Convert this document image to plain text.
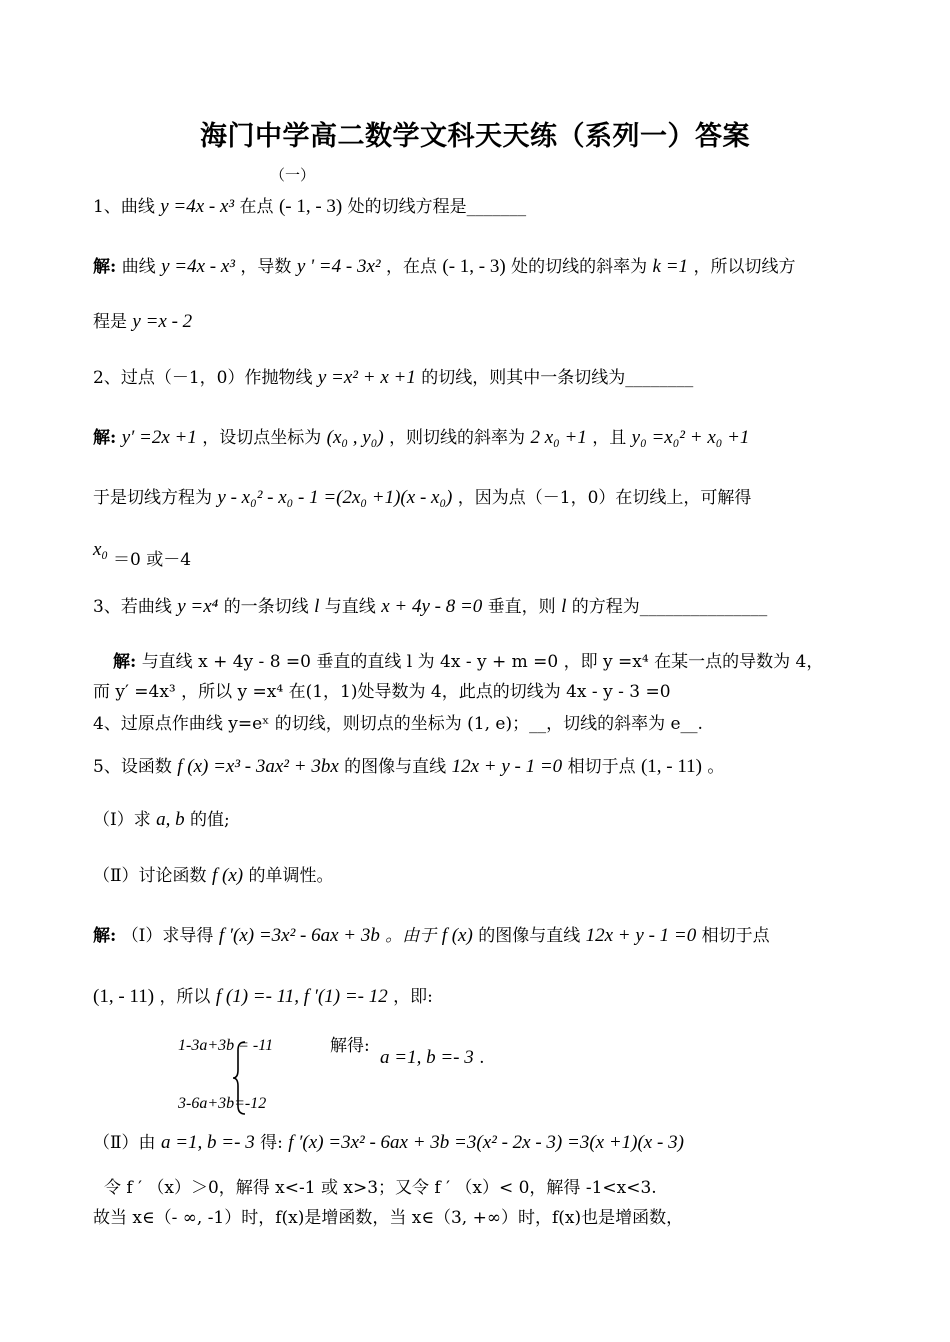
海门中学高二数学文科天天练（系列一）答案
（一）
1、曲线 y =4x - x³ 在点 (- 1, - 3) 处的切线方程是_______
解: 曲线 y =4x - x³ ，导数 y ' =4 - 3x² ，在点 (- 1, - 3) 处的切线的斜率为 k =1 ，所以切线方
程是 y =x - 2
2、过点（－1，0）作抛物线 y =x² + x +1 的切线，则其中一条切线为________
解: y′ =2x +1 ，设切点坐标为 (x₀ , y₀) ，则切线的斜率为 2 x₀ +1 ，且 y₀ =x₀² + x₀ +1
于是切线方程为 y - x₀² - x₀ - 1 =(2x₀ +1)(x - x₀) ，因为点（－1，0）在切线上，可解得
x₀ ＝0 或－4
3、若曲线 y =x⁴ 的一条切线 l 与直线 x + 4y - 8 =0 垂直，则 l 的方程为_______________
解: 与直线 x + 4y - 8 =0 垂直的直线 l 为 4x - y + m =0 ，即 y =x⁴ 在某一点的导数为 4，
而 y′ =4x³ ，所以 y =x⁴ 在(1，1)处导数为 4，此点的切线为 4x - y - 3 =0
4、过原点作曲线 y=eˣ 的切线，则切点的坐标为 (1, e)；__，切线的斜率为 e__.
5、设函数 f (x) =x³ - 3ax² + 3bx 的图像与直线 12x + y - 1 =0 相切于点 (1, - 11) 。
（Ⅰ）求 a, b 的值;
（Ⅱ）讨论函数 f (x) 的单调性。
解: （Ⅰ）求导得 f ′(x) =3x² - 6ax + 3b 。由于 f (x) 的图像与直线 12x + y - 1 =0 相切于点
(1, - 11) ，所以 f (1) =- 11, f ′(1) =- 12 ，即:
1-3a+3b = -11
3-6a+3b=-12
解得:
a =1, b =- 3 .
（Ⅱ）由 a =1, b =- 3 得: f ′(x) =3x² - 6ax + 3b =3(x² - 2x - 3) =3(x +1)(x - 3)
令 f ′ （x）＞0，解得 x<-1 或 x>3；又令 f ′ （x）< 0，解得 -1<x<3.
故当 x∈（- ∞, -1）时，f(x)是增函数，当 x∈（3, +∞）时，f(x)也是增函数，
